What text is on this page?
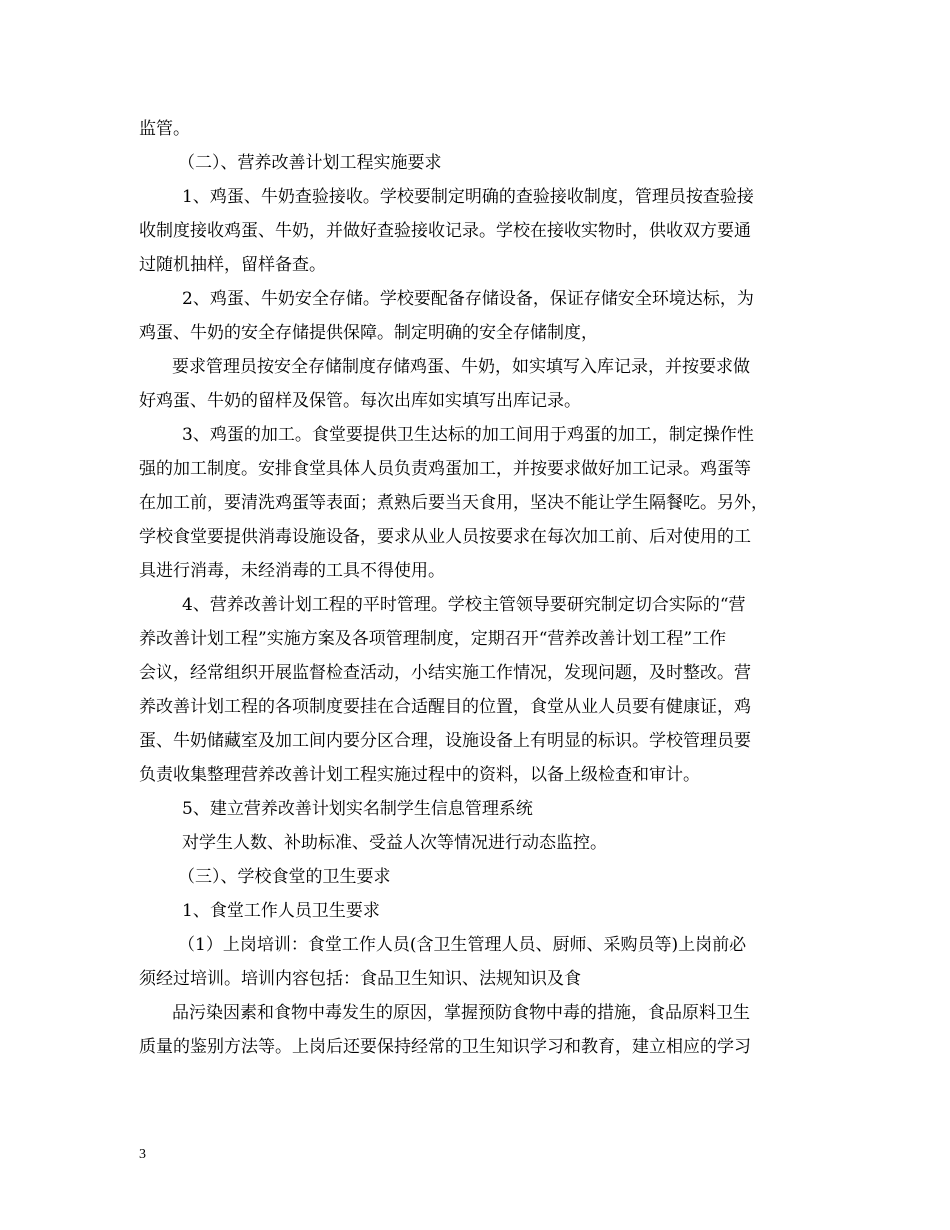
监管。
（二）、营养改善计划工程实施要求
1、鸡蛋、牛奶查验接收。学校要制定明确的查验接收制度，管理员按查验接
收制度接收鸡蛋、牛奶，并做好查验接收记录。学校在接收实物时，供收双方要通
过随机抽样，留样备查。
2、鸡蛋、牛奶安全存储。学校要配备存储设备，保证存储安全环境达标，为
鸡蛋、牛奶的安全存储提供保障。制定明确的安全存储制度，
要求管理员按安全存储制度存储鸡蛋、牛奶，如实填写入库记录，并按要求做
好鸡蛋、牛奶的留样及保管。每次出库如实填写出库记录。
3、鸡蛋的加工。食堂要提供卫生达标的加工间用于鸡蛋的加工，制定操作性
强的加工制度。安排食堂具体人员负责鸡蛋加工，并按要求做好加工记录。鸡蛋等
在加工前，要清洗鸡蛋等表面；煮熟后要当天食用，坚决不能让学生隔餐吃。另外，
学校食堂要提供消毒设施设备，要求从业人员按要求在每次加工前、后对使用的工
具进行消毒，未经消毒的工具不得使用。
4、营养改善计划工程的平时管理。学校主管领导要研究制定切合实际的“营
养改善计划工程”实施方案及各项管理制度，定期召开“营养改善计划工程”工作
会议，经常组织开展监督检查活动，小结实施工作情况，发现问题，及时整改。营
养改善计划工程的各项制度要挂在合适醒目的位置，食堂从业人员要有健康证，鸡
蛋、牛奶储藏室及加工间内要分区合理，设施设备上有明显的标识。学校管理员要
负责收集整理营养改善计划工程实施过程中的资料，以备上级检查和审计。
5、建立营养改善计划实名制学生信息管理系统
对学生人数、补助标准、受益人次等情况进行动态监控。
（三）、学校食堂的卫生要求
1、食堂工作人员卫生要求
（1）上岗培训：食堂工作人员(含卫生管理人员、厨师、采购员等)上岗前必
须经过培训。培训内容包括：食品卫生知识、法规知识及食
品污染因素和食物中毒发生的原因，掌握预防食物中毒的措施，食品原料卫生
质量的鉴别方法等。上岗后还要保持经常的卫生知识学习和教育，建立相应的学习
3
